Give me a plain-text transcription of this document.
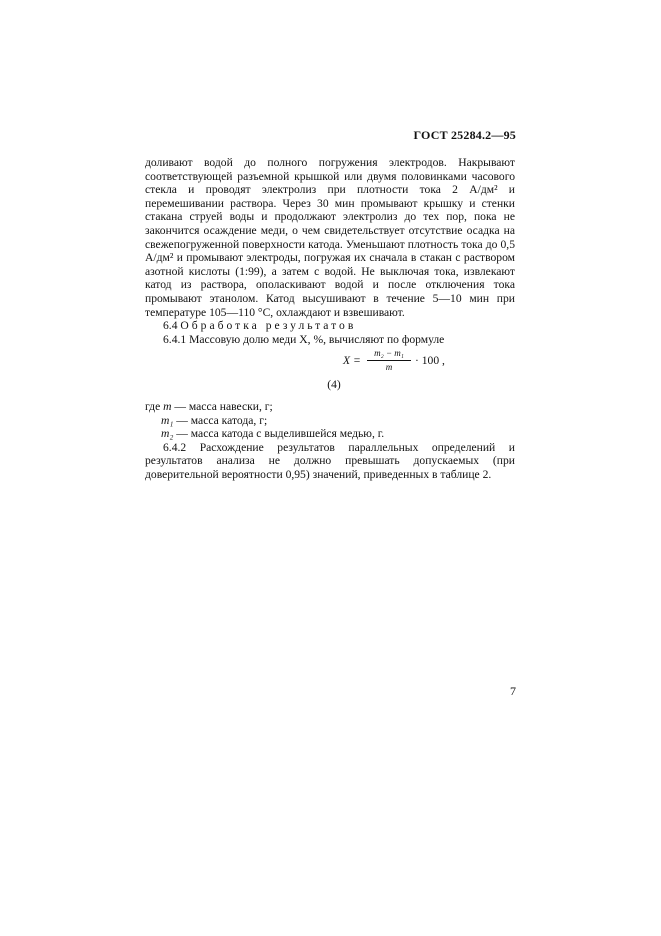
ГОСТ 25284.2—95

доливают водой до полного погружения электродов. Накрывают соответствующей разъемной крышкой или двумя половинками часового стекла и проводят электролиз при плотности тока 2 А/дм² и перемешивании раствора. Через 30 мин промывают крышку и стенки стакана струей воды и продолжают электролиз до тех пор, пока не закончится осаждение меди, о чем свидетельствует отсутствие осадка на свежепогруженной поверхности катода. Уменьшают плотность тока до 0,5 А/дм² и промывают электроды, погружая их сначала в стакан с раствором азотной кислоты (1:99), а затем с водой. Не выключая тока, извлекают катод из раствора, ополаскивают водой и после отключения тока промывают этанолом. Катод высушивают в течение 5—10 мин при температуре 105—110 °С, охлаждают и взвешивают.

6.4 Обработка результатов

6.4.1 Массовую долю меди X, %, вычисляют по формуле

$X = \frac{\text{m₂ − m₁}}{m} \cdot 100$ ,

(4)

где m — масса навески, г;

m₁ — масса катода, г;

m₂ — масса катода с выделившейся медью, г.

6.4.2 Расхождение результатов параллельных определений и результатов анализа не должно превышать допускаемых (при доверительной вероятности 0,95) значений, приведенных в таблице 2.

7
